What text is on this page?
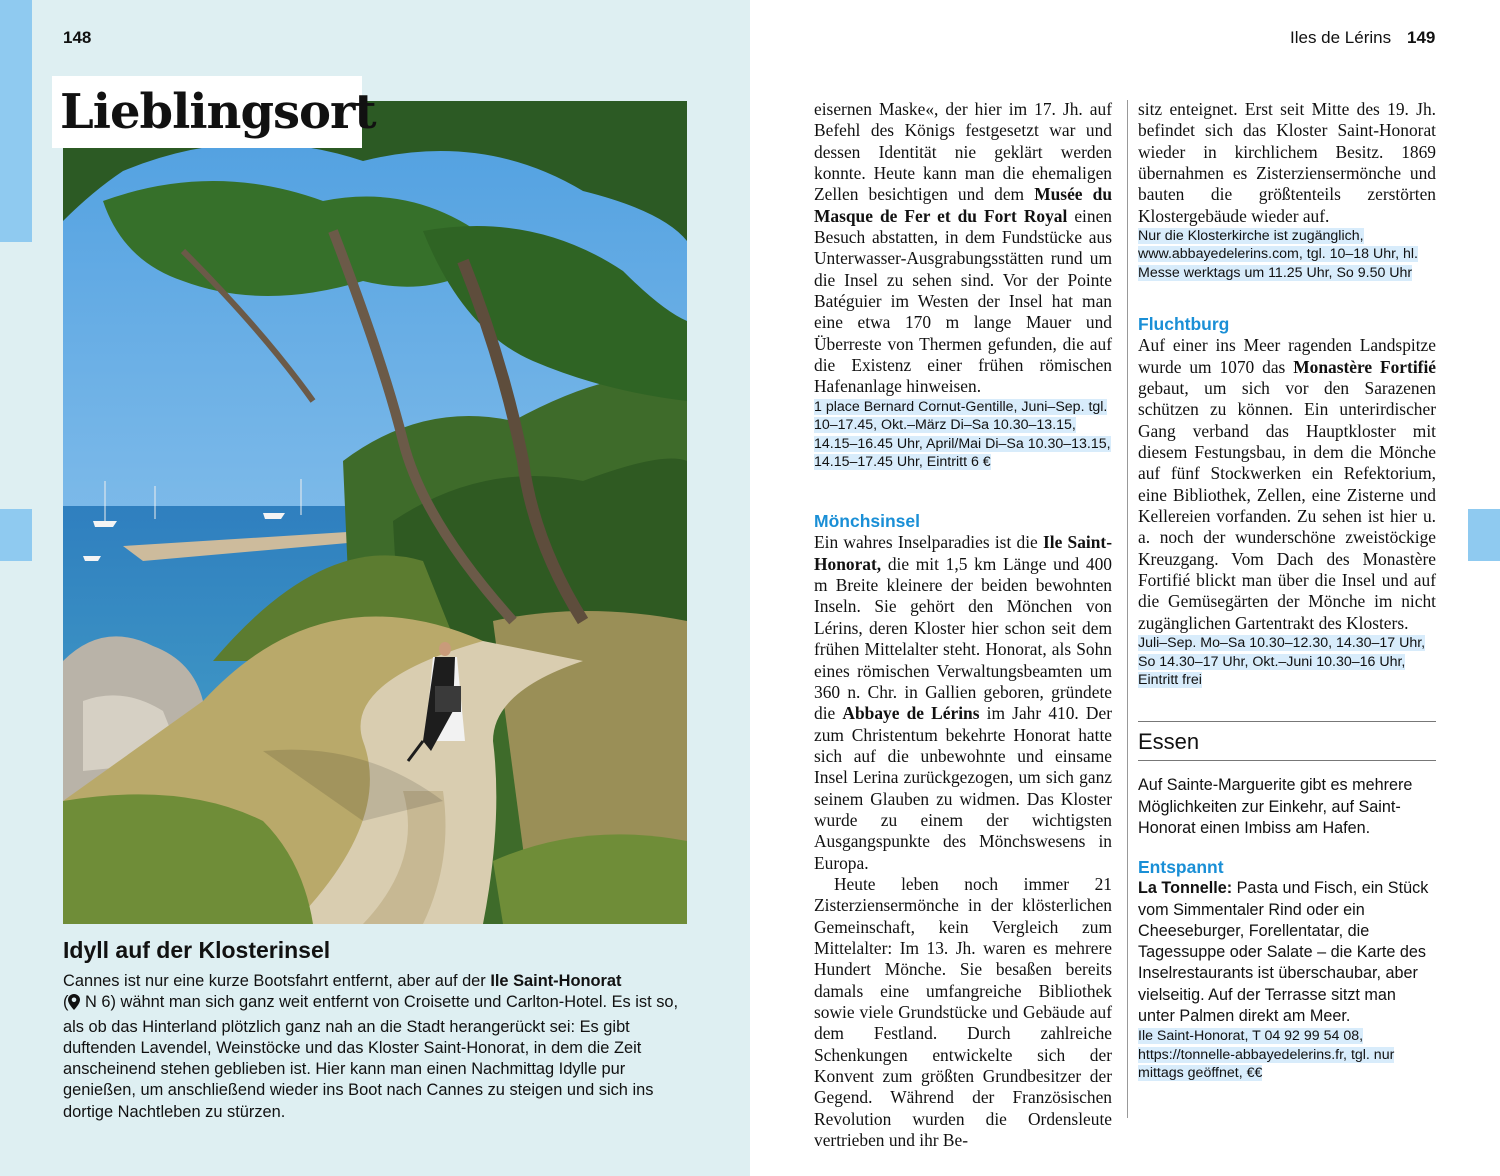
148
Lieblingsort
Idyll auf der Klosterinsel
Cannes ist nur eine kurze Bootsfahrt entfernt, aber auf der Ile Saint-Honorat
( N 6) wähnt man sich ganz weit entfernt von Croisette und Carlton-Hotel. Es ist so, als ob das Hinterland plötzlich ganz nah an die Stadt herangerückt sei: Es gibt duftenden Lavendel, Weinstöcke und das Kloster Saint-Honorat, in dem die Zeit anscheinend stehen geblieben ist. Hier kann man einen Nachmittag Idylle pur genießen, um anschließend wieder ins Boot nach Cannes zu steigen und sich ins dortige Nachtleben zu stürzen.
Iles de Lérins 149

eisernen Maske«, der hier im 17. Jh. auf Befehl des Königs festgesetzt war und dessen Identität nie geklärt werden konnte. Heute kann man die ehemaligen Zellen besichtigen und dem Musée du Masque de Fer et du Fort Royal einen Besuch abstatten, in dem Fundstücke aus Unterwasser-Ausgrabungsstätten rund um die Insel zu sehen sind. Vor der Pointe Batéguier im Westen der Insel hat man eine etwa 170 m lange Mauer und Überreste von Thermen gefunden, die auf die Existenz einer frühen römischen Hafenanlage hinweisen.

1 place Bernard Cornut-Gentille, Juni–Sep. tgl. 10–17.45, Okt.–März Di–Sa 10.30–13.15, 14.15–16.45 Uhr, April/Mai Di–Sa 10.30–13.15, 14.15–17.45 Uhr, Eintritt 6 €

Mönchsinsel

Ein wahres Inselparadies ist die Ile Saint-Honorat, die mit 1,5 km Länge und 400 m Breite kleinere der beiden bewohnten Inseln. Sie gehört den Mönchen von Lérins, deren Kloster hier schon seit dem frühen Mittelalter steht. Honorat, als Sohn eines römischen Verwaltungsbeamten um 360 n. Chr. in Gallien geboren, gründete die Abbaye de Lérins im Jahr 410. Der zum Christentum bekehrte Honorat hatte sich auf die unbewohnte und einsame Insel Lerina zurückgezogen, um sich ganz seinem Glauben zu widmen. Das Kloster wurde zu einem der wichtigsten Ausgangspunkte des Mönchswesens in Europa.

Heute leben noch immer 21 Zisterziensermönche in der klösterlichen Gemeinschaft, kein Vergleich zum Mittelalter: Im 13. Jh. waren es mehrere Hundert Mönche. Sie besaßen bereits damals eine umfangreiche Bibliothek sowie viele Grundstücke und Gebäude auf dem Festland. Durch zahlreiche Schenkungen entwickelte sich der Konvent zum größten Grundbesitzer der Gegend. Während der Französischen Revolution wurden die Ordensleute vertrieben und ihr Be-

sitz enteignet. Erst seit Mitte des 19. Jh. befindet sich das Kloster Saint-Honorat wieder in kirchlichem Besitz. 1869 übernahmen es Zisterziensermönche und bauten die größtenteils zerstörten Klostergebäude wieder auf.

Nur die Klosterkirche ist zugänglich, www.abbayedelerins.com, tgl. 10–18 Uhr, hl. Messe werktags um 11.25 Uhr, So 9.50 Uhr

Fluchtburg

Auf einer ins Meer ragenden Landspitze wurde um 1070 das Monastère Fortifié gebaut, um sich vor den Sarazenen schützen zu können. Ein unterirdischer Gang verband das Hauptkloster mit diesem Festungsbau, in dem die Mönche auf fünf Stockwerken ein Refektorium, eine Bibliothek, Zellen, eine Zisterne und Kellereien vorfanden. Zu sehen ist hier u. a. noch der wunderschöne zweistöckige Kreuzgang. Vom Dach des Monastère Fortifié blickt man über die Insel und auf die Gemüsegärten der Mönche im nicht zugänglichen Gartentrakt des Klosters.

Juli–Sep. Mo–Sa 10.30–12.30, 14.30–17 Uhr, So 14.30–17 Uhr, Okt.–Juni 10.30–16 Uhr, Eintritt frei

Essen

Auf Sainte-Marguerite gibt es mehrere Möglichkeiten zur Einkehr, auf Saint-Honorat einen Imbiss am Hafen.

Entspannt

La Tonnelle: Pasta und Fisch, ein Stück vom Simmentaler Rind oder ein Cheeseburger, Forellentatar, die Tagessuppe oder Salate – die Karte des Inselrestaurants ist überschaubar, aber vielseitig. Auf der Terrasse sitzt man unter Palmen direkt am Meer.

Ile Saint-Honorat, T 04 92 99 54 08, https://tonnelle-abbayedelerins.fr, tgl. nur mittags geöffnet, €€
